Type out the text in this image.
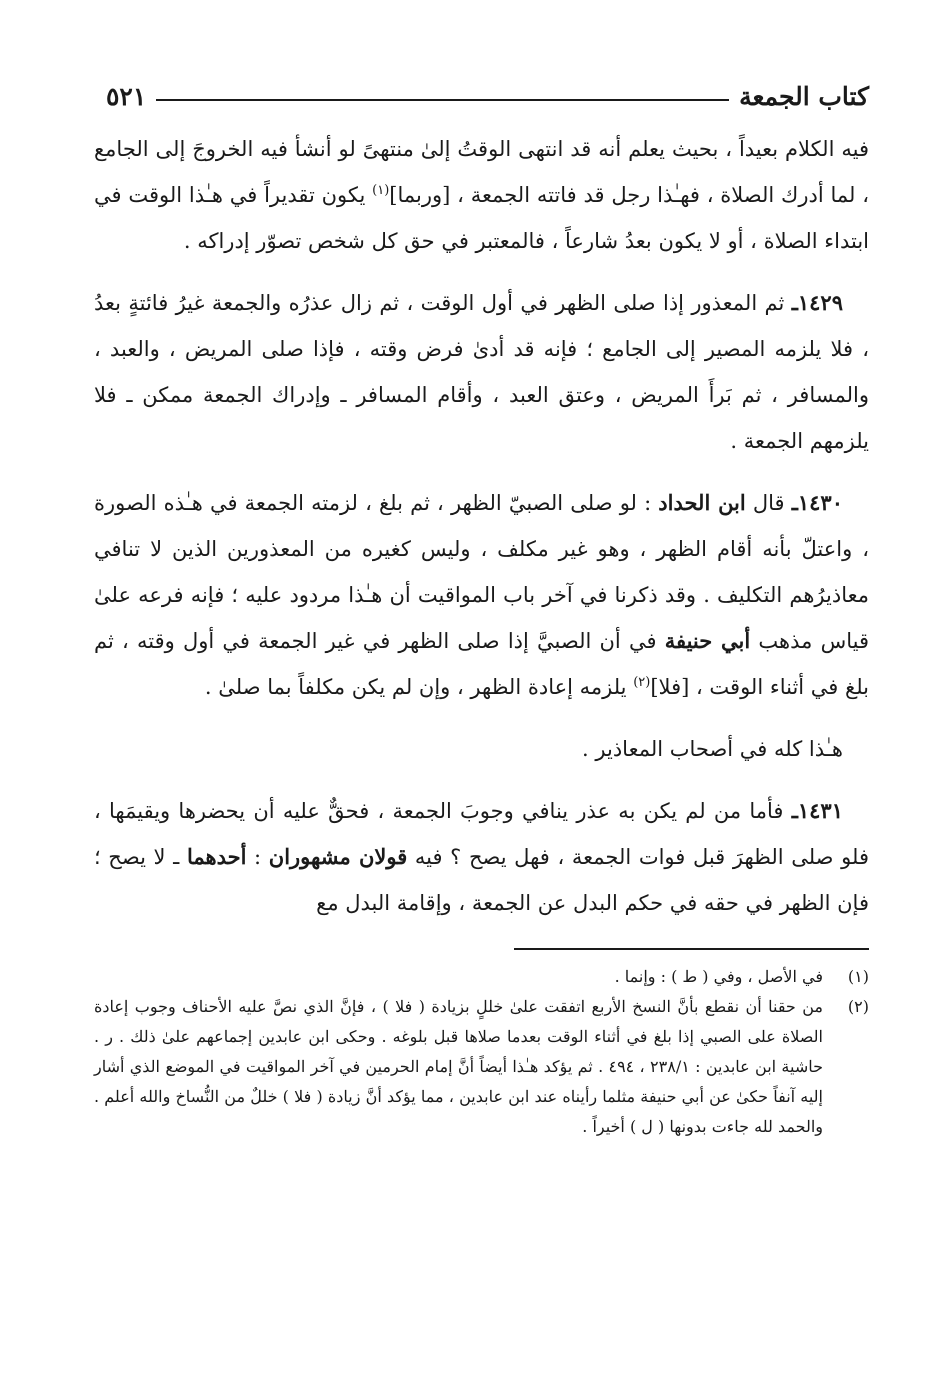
كتاب الجمعة
٥٢١

فيه الكلام بعيداً ، بحيث يعلم أنه قد انتهى الوقتُ إلىٰ منتهىً لو أنشأ فيه الخروجَ إلى الجامع ، لما أدرك الصلاة ، فهـٰذا رجل قد فاتته الجمعة ، [وربما]$^{(١)}$ يكون تقديراً في هـٰذا الوقت في ابتداء الصلاة ، أو لا يكون بعدُ شارعاً ، فالمعتبر في حق كل شخص تصوّر إدراكه .

١٤٢٩ـ ثم المعذور إذا صلى الظهر في أول الوقت ، ثم زال عذرُه والجمعة غيرُ فائتةٍ بعدُ ، فلا يلزمه المصير إلى الجامع ؛ فإنه قد أدىٰ فرض وقته ، فإذا صلى المريض ، والعبد ، والمسافر ، ثم بَرأَ المريض ، وعتق العبد ، وأقام المسافر ـ وإدراك الجمعة ممكن ـ فلا يلزمهم الجمعة .

١٤٣٠ـ قال ابن الحداد : لو صلى الصبيّ الظهر ، ثم بلغ ، لزمته الجمعة في هـٰذه الصورة ، واعتلّ بأنه أقام الظهر ، وهو غير مكلف ، وليس كغيره من المعذورين الذين لا تنافي معاذيرُهم التكليف . وقد ذكرنا في آخر باب المواقيت أن هـٰذا مردود عليه ؛ فإنه فرعه علىٰ قياس مذهب أبي حنيفة في أن الصبيَّ إذا صلى الظهر في غير الجمعة في أول وقته ، ثم بلغ في أثناء الوقت ، [فلا]$^{(٢)}$ يلزمه إعادة الظهر ، وإن لم يكن مكلفاً بما صلىٰ .

هـٰذا كله في أصحاب المعاذير .

١٤٣١ـ فأما من لم يكن به عذر ينافي وجوبَ الجمعة ، فحقٌّ عليه أن يحضرها ويقيمَها ، فلو صلى الظهرَ قبل فوات الجمعة ، فهل يصح ؟ فيه قولان مشهوران : أحدهما ـ لا يصح ؛ فإن الظهر في حقه في حكم البدل عن الجمعة ، وإقامة البدل مع

(١)
في الأصل ، وفي ( ط ) : وإنما .
(٢)
من حقنا أن نقطع بأنَّ النسخ الأربع اتفقت علىٰ خللٍ بزيادة ( فلا ) ، فإنَّ الذي نصَّ عليه الأحناف وجوب إعادة الصلاة على الصبي إذا بلغ في أثناء الوقت بعدما صلاها قبل بلوغه . وحكى ابن عابدين إجماعهم علىٰ ذلك . ر . حاشية ابن عابدين : ٢٣٨/١ ، ٤٩٤ . ثم يؤكد هـٰذا أيضاً أنَّ إمام الحرمين في آخر المواقيت في الموضع الذي أشار إليه آنفاً حكىٰ عن أبي حنيفة مثلما رأيناه عند ابن عابدين ، مما يؤكد أنَّ زيادة ( فلا ) خللٌ من النُّساخ والله أعلم . والحمد لله جاءت بدونها ( ل ) أخيراً .
